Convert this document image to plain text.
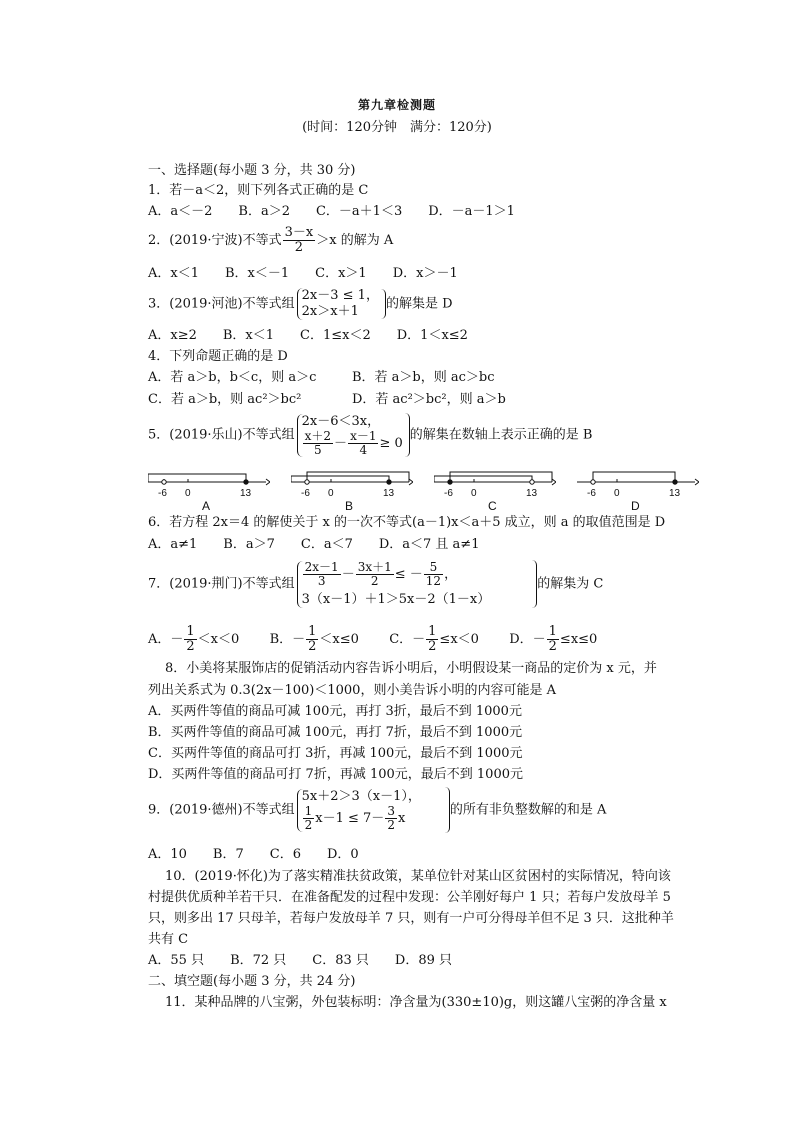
第九章检测题
(时间：120分钟　满分：120分)
一、选择题(每小题 3 分，共 30 分)
1．若－a＜2，则下列各式正确的是 C
A．a＜－2　　B．a＞2　　C．－a＋1＜3　　D．－a－1＞1
2．(2019·宁波)不等式 $\frac{3-x}{2} >x$ 的解为 A
A．x＜1　　B．x＜－1　　C．x＞1　　D．x＞－1
3．(2019·河池)不等式组
2x－3 ≤ 1，
2x＞x＋1	的解集是 D
A．x≥2　　B．x＜1　　C．1≤x＜2　　D．1＜x≤2
4．下列命题正确的是 D
A．若 a＞b，b＜c，则 a＞c	B．若 a＞b，则 ac＞bc
C．若 a＞b，则 ac²＞bc²	D．若 ac²＞bc²，则 a＞b
5．(2019·乐山)不等式组
2x－6＜3x，
$\frac{x+2}{5} - \frac{x-1}{4} \ge 0$
的解集在数轴上表示正确的是 B
-6 0	13
A
-6 0	13
B
-6 0	13
C
-6 0	13
D
6．若方程 2x＝4 的解使关于 x 的一次不等式(a－1)x＜a＋5 成立，则 a 的取值范围是 D
A．a≠1　　B．a＞7　　C．a＜7　　D．a＜7 且 a≠1
7．(2019·荆门)不等式组 $\frac{2x-1}{3} - \frac{3x+1}{2}$ ≤ － $\frac{5}{12}$ ，
3（x－1）＋1＞5x－2（1－x）
的解集为 C
A．－ $\frac{1}{2} <x<0$ B．－ $\frac{1}{2} <x\le 0$ C．－ $\frac{1}{2} \le x<0$ D．－ $\frac{1}{2} \le x\le 0$
8．小美将某服饰店的促销活动内容告诉小明后，小明假设某一商品的定价为 x 元，并
列出关系式为 0.3(2x－100)＜1000，则小美告诉小明的内容可能是 A
A．买两件等值的商品可减 100元，再打 3折，最后不到 1000元
B．买两件等值的商品可减 100元，再打 7折，最后不到 1000元
C．买两件等值的商品可打 3折，再减 100元，最后不到 1000元
D．买两件等值的商品可打 7折，再减 100元，最后不到 1000元
9．(2019·德州)不等式组
5x＋2＞3（x－1），
$\frac{1}{2} x-1 \le 7- \frac{3}{2}$ x
的所有非负整数解的和是 A
A．10　　B．7　　C．6　　D．0
10．(2019·怀化)为了落实精准扶贫政策，某单位针对某山区贫困村的实际情况，特向该
村提供优质种羊若干只．在准备配发的过程中发现：公羊刚好每户 1 只；若每户发放母羊 5
只，则多出 17 只母羊，若每户发放母羊 7 只，则有一户可分得母羊但不足 3 只．这批种羊
共有 C
A．55 只　　B．72 只　　C．83 只　　D．89 只
二、填空题(每小题 3 分，共 24 分)
11．某种品牌的八宝粥，外包装标明：净含量为(330±10)g，则这罐八宝粥的净含量 x
